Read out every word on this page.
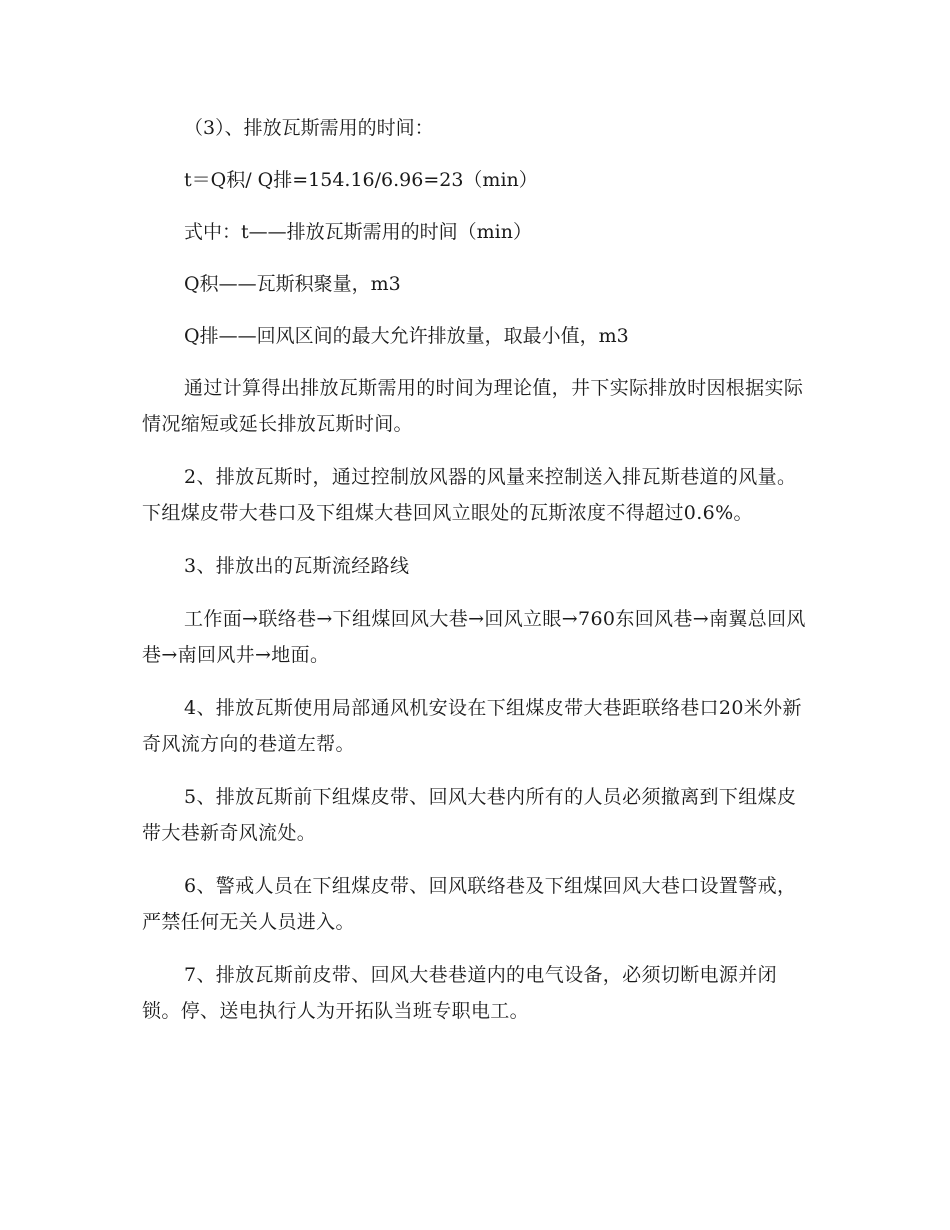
（3）、排放瓦斯需用的时间：
t＝Q积/ Q排=154.16/6.96=23（min）
式中：t——排放瓦斯需用的时间（min）
Q积——瓦斯积聚量，m3
Q排——回风区间的最大允许排放量，取最小值，m3

通过计算得出排放瓦斯需用的时间为理论值，井下实际排放时因根据实际情况缩短或延长排放瓦斯时间。

2、排放瓦斯时，通过控制放风器的风量来控制送入排瓦斯巷道的风量。下组煤皮带大巷口及下组煤大巷回风立眼处的瓦斯浓度不得超过0.6%。

3、排放出的瓦斯流经路线

工作面→联络巷→下组煤回风大巷→回风立眼→760东回风巷→南翼总回风巷→南回风井→地面。

4、排放瓦斯使用局部通风机安设在下组煤皮带大巷距联络巷口20米外新奇风流方向的巷道左帮。

5、排放瓦斯前下组煤皮带、回风大巷内所有的人员必须撤离到下组煤皮带大巷新奇风流处。

6、警戒人员在下组煤皮带、回风联络巷及下组煤回风大巷口设置警戒，严禁任何无关人员进入。

7、排放瓦斯前皮带、回风大巷巷道内的电气设备，必须切断电源并闭锁。停、送电执行人为开拓队当班专职电工。
